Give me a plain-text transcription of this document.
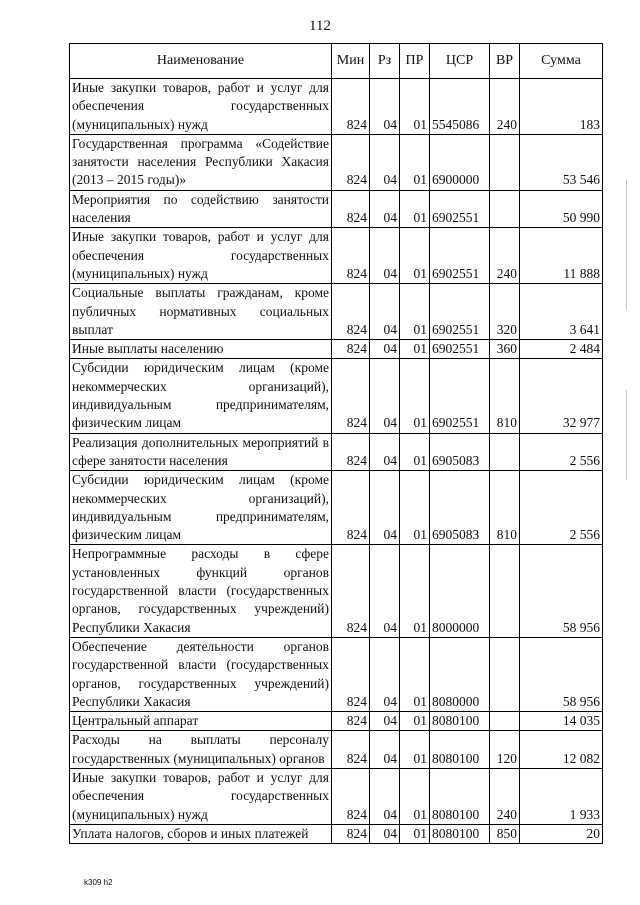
112
Наименование	Мин	Рз	ПР	ЦСР	ВР	Сумма

Иные закупки товаров, работ и услуг для обеспечения государственных (муниципальных) нужд	824	04	01	5545086	240	183

Государственная программа «Содействие занятости населения Республики Хакасия (2013 – 2015 годы)»	824	04	01	6900000		53 546

Мероприятия по содействию занятости населения	824	04	01	6902551		50 990

Иные закупки товаров, работ и услуг для обеспечения государственных (муниципальных) нужд	824	04	01	6902551	240	11 888

Социальные выплаты гражданам, кроме публичных нормативных социальных выплат	824	04	01	6902551	320	3 641

Иные выплаты населению	824	04	01	6902551	360	2 484

Субсидии юридическим лицам (кроме некоммерческих организаций), индивидуальным предпринимателям, физическим лицам	824	04	01	6902551	810	32 977

Реализация дополнительных мероприятий в сфере занятости населения	824	04	01	6905083		2 556

Субсидии юридическим лицам (кроме некоммерческих организаций), индивидуальным предпринимателям, физическим лицам	824	04	01	6905083	810	2 556

Непрограммные расходы в сфере установленных функций органов государственной власти (государственных органов, государственных учреждений) Республики Хакасия	824	04	01	8000000		58 956

Обеспечение деятельности органов государственной власти (государственных органов, государственных учреждений) Республики Хакасия	824	04	01	8080000		58 956

Центральный аппарат	824	04	01	8080100		14 035

Расходы на выплаты персоналу государственных (муниципальных) органов	824	04	01	8080100	120	12 082

Иные закупки товаров, работ и услуг для обеспечения государственных (муниципальных) нужд	824	04	01	8080100	240	1 933

Уплата налогов, сборов и иных платежей	824	04	01	8080100	850	20
k309 h2
